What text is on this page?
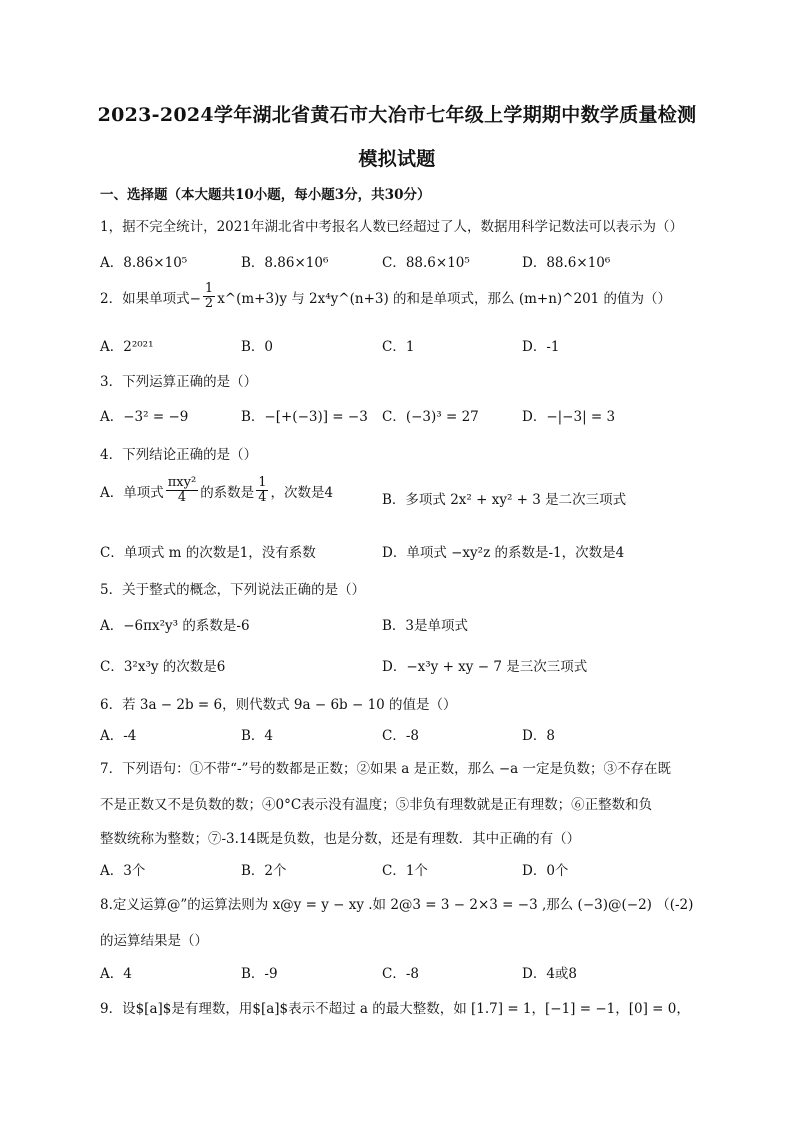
2023-2024学年湖北省黄石市大冶市七年级上学期期中数学质量检测
模拟试题
一、选择题（本大题共10小题，每小题3分，共30分）
1，据不完全统计，2021年湖北省中考报名人数已经超过了人，数据用科学记数法可以表示为（）
A．8.86×10⁵	B．8.86×10⁶	C．88.6×10⁵	D．88.6×10⁶
2．如果单项式− $\frac{1}{2}$ x^(m+3)y 与 2x⁴y^(n+3) 的和是单项式，那么 (m+n)^201 的值为（）
A．2²⁰²¹	B．0	C．1	D．-1
3．下列运算正确的是（）
A．−3² = −9	B．−[+(−3)] = −3 C．(−3)³ = 27	D．−|−3| = 3
4．下列结论正确的是（）
A．单项式 $\frac{\text{πxy²}}{4}$ 的系数是 $\frac{1}{4}$ ，次数是4	B．多项式 2x² + xy² + 3 是二次三项式
C．单项式 m 的次数是1，没有系数	D．单项式 −xy²z 的系数是-1，次数是4
5．关于整式的概念，下列说法正确的是（）
A．−6πx²y³ 的系数是-6	B．3是单项式
C．3²x³y 的次数是6	D．−x³y + xy − 7 是三次三项式
6．若 3a − 2b = 6，则代数式 9a − 6b − 10 的值是（）
A．-4	B．4	C．-8	D．8
7．下列语句：①不带“-”号的数都是正数；②如果 a 是正数，那么 −a 一定是负数；③不存在既
不是正数又不是负数的数；④0°C表示没有温度；⑤非负有理数就是正有理数；⑥正整数和负
整数统称为整数；⑦-3.14既是负数，也是分数，还是有理数．其中正确的有（）
A．3个	B．2个	C．1个	D．0个
8.定义运算@”的运算法则为 x@y = y − xy .如 2@3 = 3 − 2×3 = −3 ,那么 (−3)@(−2) （(-2)
的运算结果是（）
A．4	B．-9	C．-8	D．4或8
9．设$[a]$是有理数，用$[a]$表示不超过 a 的最大整数，如 [1.7] = 1，[−1] = −1，[0] = 0，
